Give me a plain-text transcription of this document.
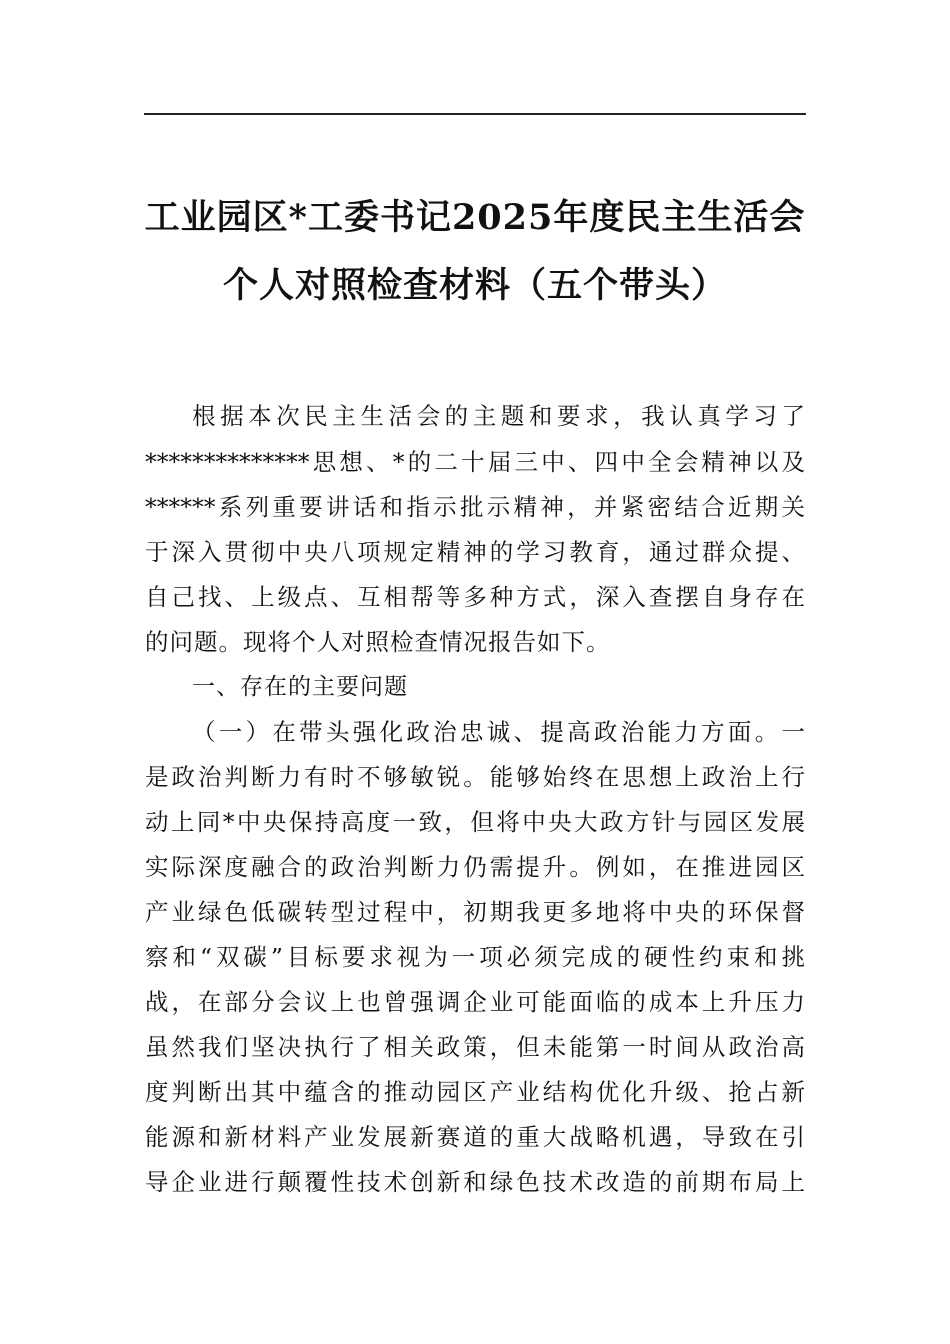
工业园区*工委书记2025年度民主生活会
个人对照检查材料（五个带头）
根据本次民主生活会的主题和要求，我认真学习了
**************思想、*的二十届三中、四中全会精神以及
******系列重要讲话和指示批示精神，并紧密结合近期关
于深入贯彻中央八项规定精神的学习教育，通过群众提、
自己找、上级点、互相帮等多种方式，深入查摆自身存在
的问题。现将个人对照检查情况报告如下。
一、存在的主要问题
（一）在带头强化政治忠诚、提高政治能力方面。一
是政治判断力有时不够敏锐。能够始终在思想上政治上行
动上同*中央保持高度一致，但将中央大政方针与园区发展
实际深度融合的政治判断力仍需提升。例如，在推进园区
产业绿色低碳转型过程中，初期我更多地将中央的环保督
察和“双碳”目标要求视为一项必须完成的硬性约束和挑
战，在部分会议上也曾强调企业可能面临的成本上升压力
虽然我们坚决执行了相关政策，但未能第一时间从政治高
度判断出其中蕴含的推动园区产业结构优化升级、抢占新
能源和新材料产业发展新赛道的重大战略机遇，导致在引
导企业进行颠覆性技术创新和绿色技术改造的前期布局上
